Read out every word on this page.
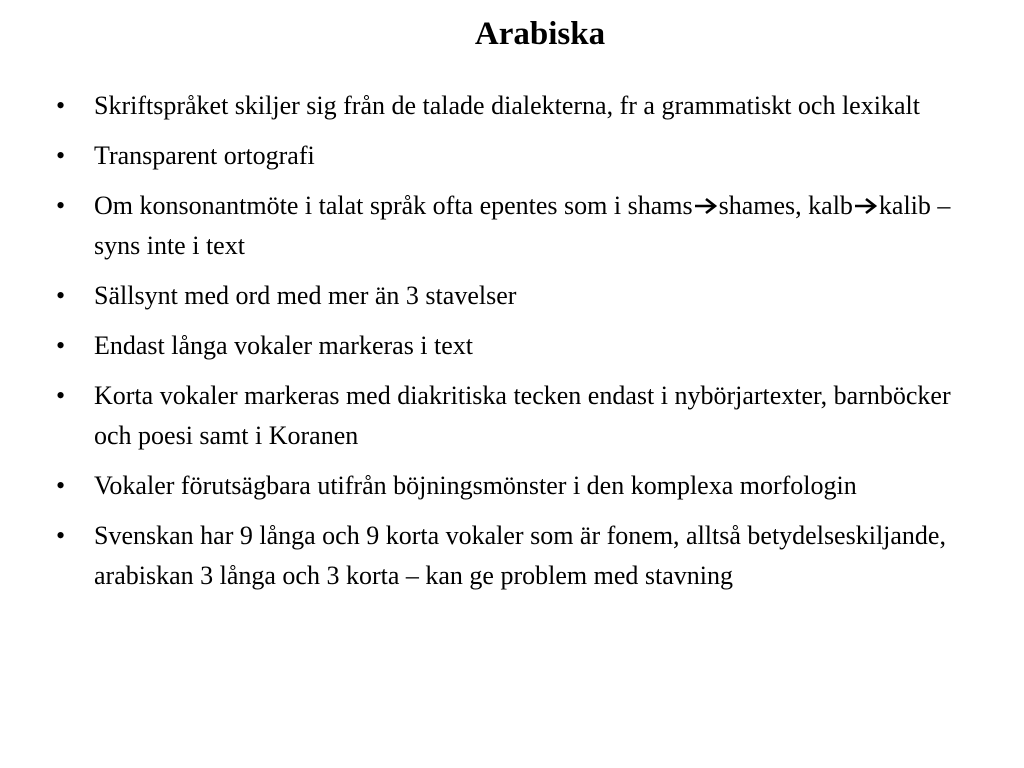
Arabiska
•	Skriftspråket skiljer sig från de talade dialekterna, fr a grammatiskt och lexikalt
•	Transparent ortografi
•	Om konsonantmöte i talat språk ofta epentes som i shams shames, kalb kalib – syns inte i text
•	Sällsynt med ord med mer än 3 stavelser
•	Endast långa vokaler markeras i text
•	Korta vokaler markeras med diakritiska tecken endast i nybörjartexter, barnböcker och poesi samt i Koranen
•	Vokaler förutsägbara utifrån böjningsmönster i den komplexa morfologin
•	Svenskan har 9 långa och 9 korta vokaler som är fonem, alltså betydelseskiljande, arabiskan 3 långa och 3 korta – kan ge problem med stavning
